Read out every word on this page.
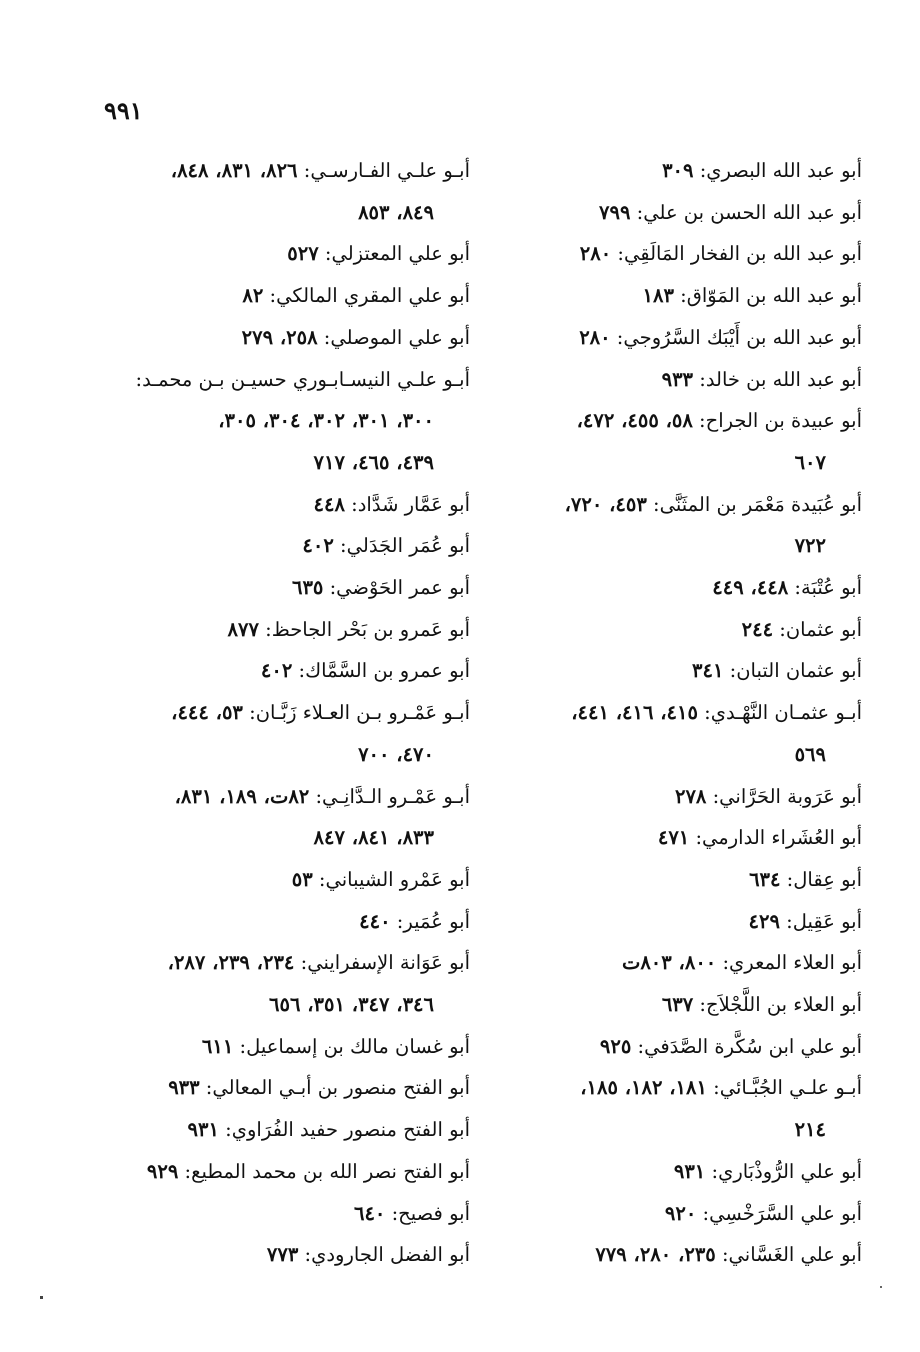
٩٩١

أبو عبد الله البصري: ٣٠٩

أبو عبد الله الحسن بن علي: ٧٩٩

أبو عبد الله بن الفخار المَالَقِي: ٢٨٠

أبو عبد الله بن المَوّاق: ١٨٣

أبو عبد الله بن أَيْبَك السَّرُوجي: ٢٨٠

أبو عبد الله بن خالد: ٩٣٣

أبو عبيدة بن الجراح: ٥٨، ٤٥٥، ٤٧٢،
٦٠٧

أبو عُبَيدة مَعْمَر بن المثَنَّى: ٤٥٣، ٧٢٠،
٧٢٢

أبو عُتْبَة: ٤٤٨، ٤٤٩

أبو عثمان: ٢٤٤

أبو عثمان التبان: ٣٤١

أبـو عثمـان النَّهْـدي: ٤١٥، ٤١٦، ٤٤١،
٥٦٩

أبو عَرَوبة الحَرَّاني: ٢٧٨

أبو العُشَراء الدارمي: ٤٧١

أبو عِقال: ٦٣٤

أبو عَقِيل: ٤٢٩

أبو العلاء المعري: ٨٠٠، ٨٠٣ت

أبو العلاء بن اللَّجْلاَج: ٦٣٧

أبو علي ابن سُكَّرة الصَّدَفي: ٩٢٥

أبـو علـي الجُبَّـائي: ١٨١، ١٨٢، ١٨٥،
٢١٤

أبو علي الرُّوذْبَاري: ٩٣١

أبو علي السَّرَخْسِي: ٩٢٠

أبو علي الغَسَّاني: ٢٣٥، ٢٨٠، ٧٧٩

أبـو علـي الفـارسـي: ٨٢٦، ٨٣١، ٨٤٨،
٨٤٩، ٨٥٣

أبو علي المعتزلي: ٥٢٧

أبو علي المقري المالكي: ٨٢

أبو علي الموصلي: ٢٥٨، ٢٧٩

أبـو علـي النيسـابـوري حسيـن بـن محمـد:
٣٠٠، ٣٠١، ٣٠٢، ٣٠٤، ٣٠٥،
٤٣٩، ٤٦٥، ٧١٧

أبو عَمَّار شَدَّاد: ٤٤٨

أبو عُمَر الجَدَلي: ٤٠٢

أبو عمر الحَوْضي: ٦٣٥

أبو عَمرو بن بَحْر الجاحظ: ٨٧٧

أبو عمرو بن السَّمَّاك: ٤٠٢

أبـو عَمْـرو بـن العـلاء زَبَّـان: ٥٣، ٤٤٤،
٤٧٠، ٧٠٠

أبـو عَمْـرو الـدَّانِـي: ٨٢ت، ١٨٩، ٨٣١،
٨٣٣، ٨٤١، ٨٤٧

أبو عَمْرو الشيباني: ٥٣

أبو عُمَير: ٤٤٠

أبو عَوَانة الإسفرايني: ٢٣٤، ٢٣٩، ٢٨٧،
٣٤٦، ٣٤٧، ٣٥١، ٦٥٦

أبو غسان مالك بن إسماعيل: ٦١١

أبو الفتح منصور بن أبـي المعالي: ٩٣٣

أبو الفتح منصور حفيد الفُرَاوي: ٩٣١

أبو الفتح نصر الله بن محمد المطيع: ٩٢٩

أبو فصيح: ٦٤٠

أبو الفضل الجارودي: ٧٧٣
